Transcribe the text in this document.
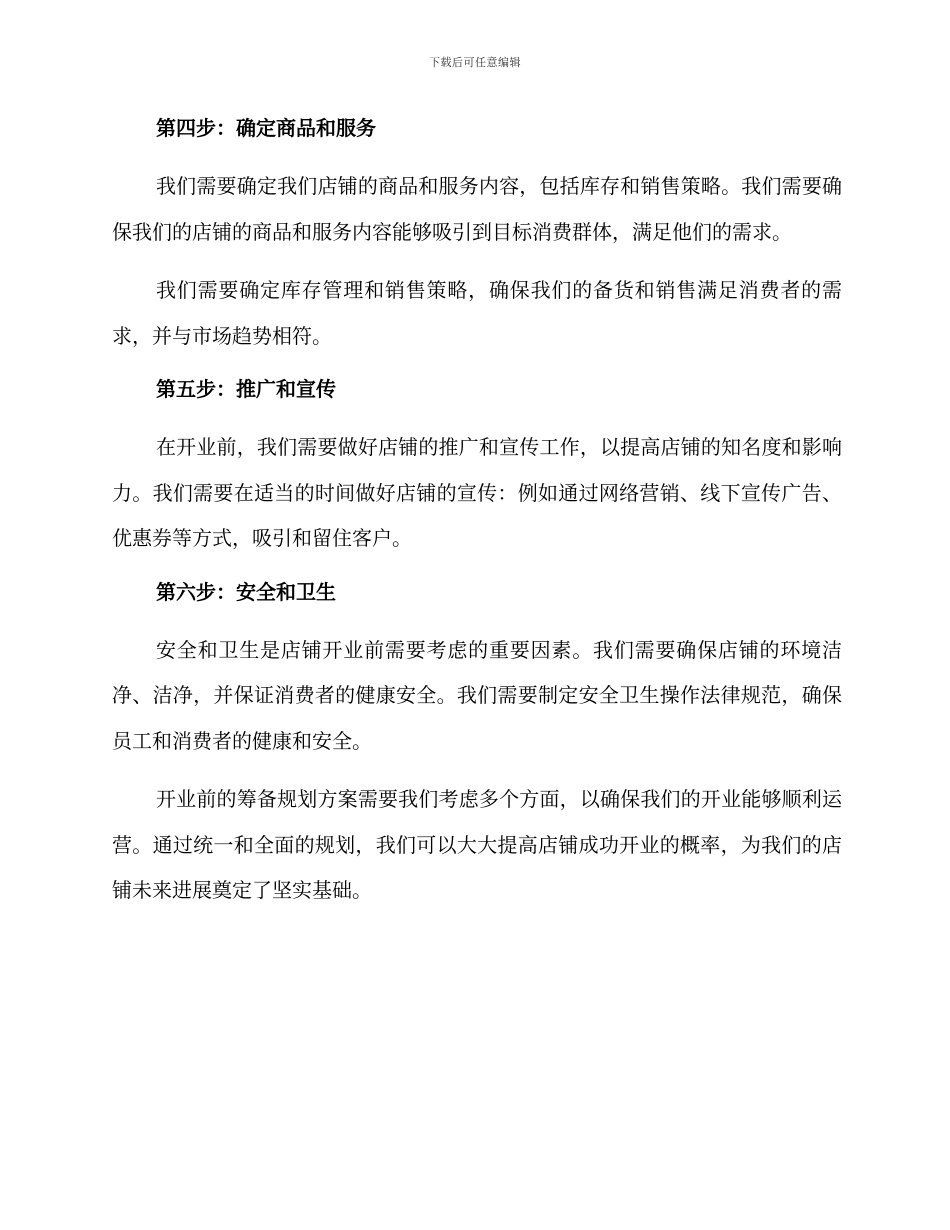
下载后可任意编辑
第四步：确定商品和服务

我们需要确定我们店铺的商品和服务内容，包括库存和销售策略。我们需要确保我们的店铺的商品和服务内容能够吸引到目标消费群体，满足他们的需求。

我们需要确定库存管理和销售策略，确保我们的备货和销售满足消费者的需求，并与市场趋势相符。

第五步：推广和宣传

在开业前，我们需要做好店铺的推广和宣传工作，以提高店铺的知名度和影响力。我们需要在适当的时间做好店铺的宣传：例如通过网络营销、线下宣传广告、优惠券等方式，吸引和留住客户。

第六步：安全和卫生

安全和卫生是店铺开业前需要考虑的重要因素。我们需要确保店铺的环境洁净、洁净，并保证消费者的健康安全。我们需要制定安全卫生操作法律规范，确保员工和消费者的健康和安全。

开业前的筹备规划方案需要我们考虑多个方面，以确保我们的开业能够顺利运营。通过统一和全面的规划，我们可以大大提高店铺成功开业的概率，为我们的店铺未来进展奠定了坚实基础。
